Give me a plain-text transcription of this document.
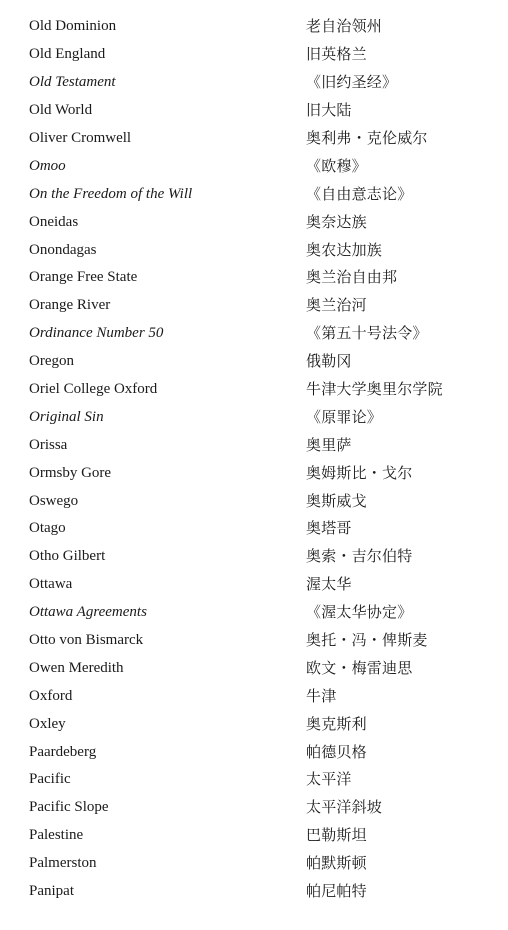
Old Dominion	老自治领州
Old England	旧英格兰
Old Testament	《旧约圣经》
Old World	旧大陆
Oliver Cromwell	奥利弗・克伦威尔
Omoo	《欧穆》
On the Freedom of the Will	《自由意志论》
Oneidas	奥奈达族
Onondagas	奥农达加族
Orange Free State	奥兰治自由邦
Orange River	奥兰治河
Ordinance Number 50	《第五十号法令》
Oregon	俄勒冈
Oriel College Oxford	牛津大学奥里尔学院
Original Sin	《原罪论》
Orissa	奥里萨
Ormsby Gore	奥姆斯比・戈尔
Oswego	奥斯威戈
Otago	奥塔哥
Otho Gilbert	奥索・吉尔伯特
Ottawa	渥太华
Ottawa Agreements	《渥太华协定》
Otto von Bismarck	奥托・冯・俾斯麦
Owen Meredith	欧文・梅雷迪思
Oxford	牛津
Oxley	奥克斯利
Paardeberg	帕德贝格
Pacific	太平洋
Pacific Slope	太平洋斜坡
Palestine	巴勒斯坦
Palmerston	帕默斯顿
Panipat	帕尼帕特
